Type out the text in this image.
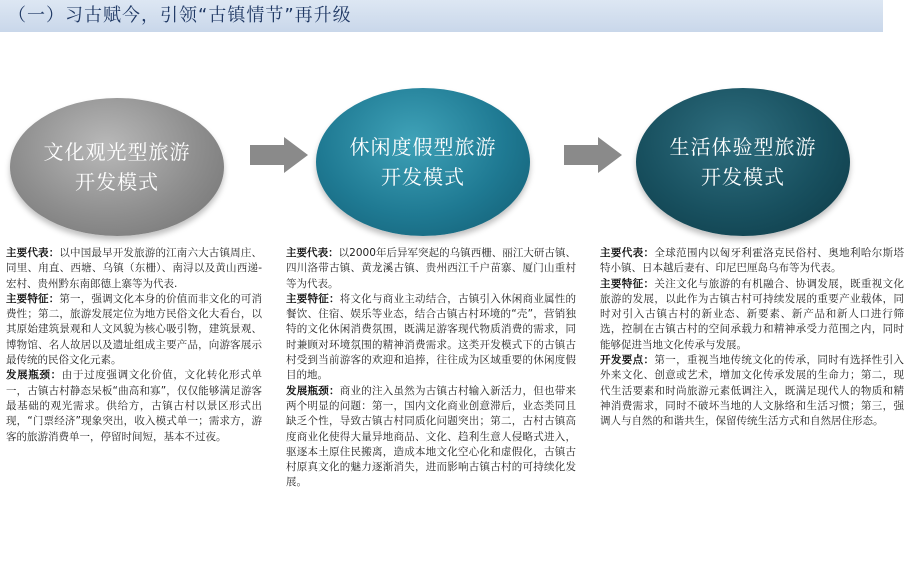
（一）习古赋今，引领“古镇情节”再升级
文化观光型旅游开发模式
休闲度假型旅游开发模式
生活体验型旅游开发模式

主要代表：以中国最早开发旅游的江南六大古镇周庄、同里、甪直、西塘、乌镇（东栅）、南浔以及黄山西递-宏村、贵州黔东南郎德上寨等为代表.

主要特征：第一，强调文化本身的价值而非文化的可消费性；第二，旅游发展定位为地方民俗文化大看台，以其原始建筑景观和人文风貌为核心吸引物，建筑景观、博物馆、名人故居以及遗址组成主要产品，向游客展示最传统的民俗文化元素。

发展瓶颈：由于过度强调文化价值，文化转化形式单一，古镇古村静态呆板“曲高和寡”，仅仅能够满足游客最基础的观光需求。供给方，古镇古村以景区形式出现，“门票经济”现象突出，收入模式单一；需求方，游客的旅游消费单一，停留时间短，基本不过夜。

主要代表：以2000年后异军突起的乌镇西栅、丽江大研古镇、四川洛带古镇、黄龙溪古镇、贵州西江千户苗寨、厦门山重村等为代表。

主要特征：将文化与商业主动结合，古镇引入休闲商业属性的餐饮、住宿、娱乐等业态，结合古镇古村环境的“壳”，营销独特的文化休闲消费氛围，既满足游客现代物质消费的需求，同时兼顾对环境氛围的精神消费需求。这类开发模式下的古镇古村受到当前游客的欢迎和追捧，往往成为区域重要的休闲度假目的地。

发展瓶颈：商业的注入虽然为古镇古村输入新活力，但也带来两个明显的问题：第一，国内文化商业创意滞后，业态类同且缺乏个性，导致古镇古村同质化问题突出；第二，古村古镇高度商业化使得大量异地商品、文化、趋利生意人侵略式进入，驱逐本土原住民搬离，造成本地文化空心化和虚假化，古镇古村原真文化的魅力逐渐消失，进而影响古镇古村的可持续化发展。

主要代表：全球范围内以匈牙利霍洛克民俗村、奥地利哈尔斯塔特小镇、日本越后妻有、印尼巴厘岛乌布等为代表。

主要特征：关注文化与旅游的有机融合、协调发展，既重视文化旅游的发展，以此作为古镇古村可持续发展的重要产业载体，同时对引入古镇古村的新业态、新要素、新产品和新人口进行筛选，控制在古镇古村的空间承载力和精神承受力范围之内，同时能够促进当地文化传承与发展。

开发要点：第一，重视当地传统文化的传承，同时有选择性引入外来文化、创意或艺术，增加文化传承发展的生命力；第二，现代生活要素和时尚旅游元素低调注入，既满足现代人的物质和精神消费需求，同时不破坏当地的人文脉络和生活习惯；第三，强调人与自然的和谐共生，保留传统生活方式和自然居住形态。
